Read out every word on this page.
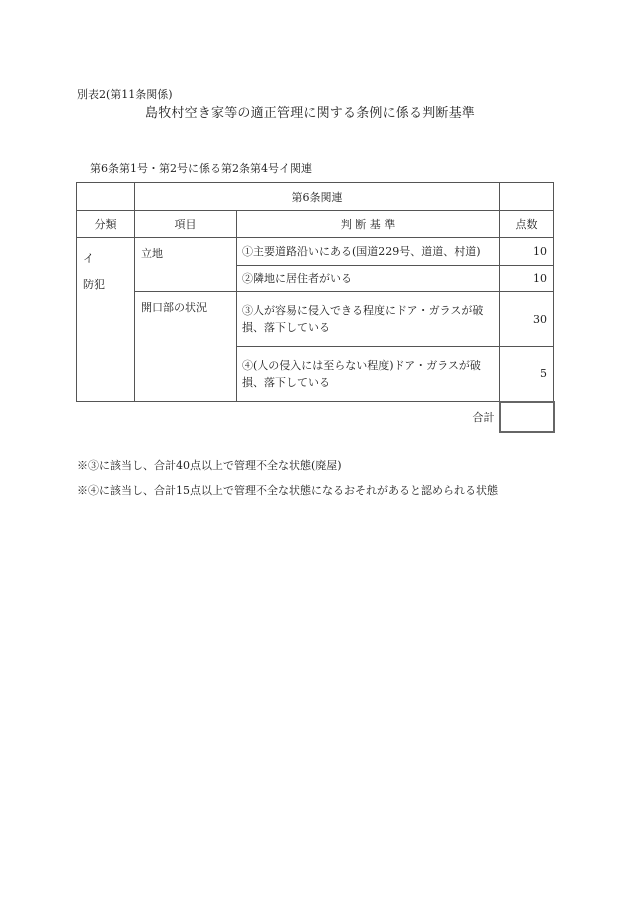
別表2(第11条関係)
島牧村空き家等の適正管理に関する条例に係る判断基準
第6条第1号・第2号に係る第2条第4号イ関連
	第6条関連		
分類	項目	判 断 基 準	点数

イ
防犯	立地	①主要道路沿いにある(国道229号、道道、村道)	10
		②隣地に居住者がいる	10
	開口部の状況	③人が容易に侵入できる程度にドア・ガラスが破損、落下している	30
		④(人の侵入には至らない程度)ドア・ガラスが破損、落下している	5
合計			
※③に該当し、合計40点以上で管理不全な状態(廃屋)
※④に該当し、合計15点以上で管理不全な状態になるおそれがあると認められる状態
